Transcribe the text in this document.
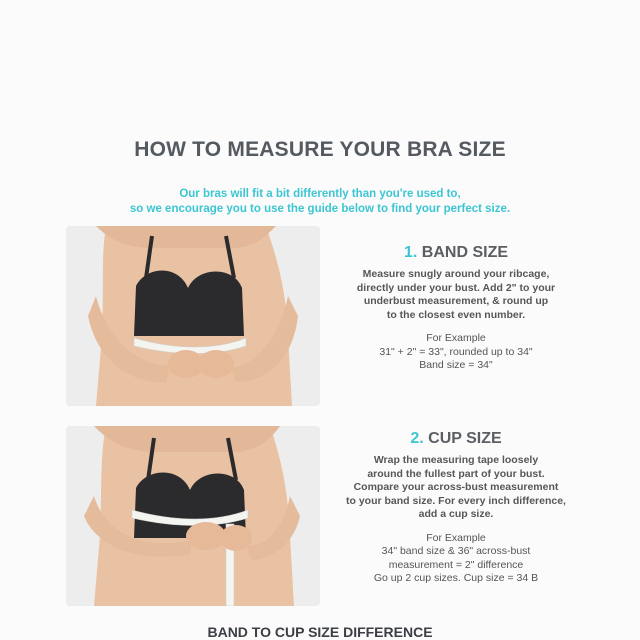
HOW TO MEASURE YOUR BRA SIZE
Our bras will fit a bit differently than you're used to,
so we encourage you to use the guide below to find your perfect size.
1. BAND SIZE
Measure snugly around your ribcage,
directly under your bust. Add 2" to your
underbust measurement, & round up
to the closest even number.
For Example
31" + 2" = 33", rounded up to 34"
Band size = 34"
2. CUP SIZE
Wrap the measuring tape loosely
around the fullest part of your bust.
Compare your across-bust measurement
to your band size. For every inch difference,
add a cup size.
For Example
34" band size & 36" across-bust
measurement = 2" difference
Go up 2 cup sizes. Cup size = 34 B
BAND TO CUP SIZE DIFFERENCE
